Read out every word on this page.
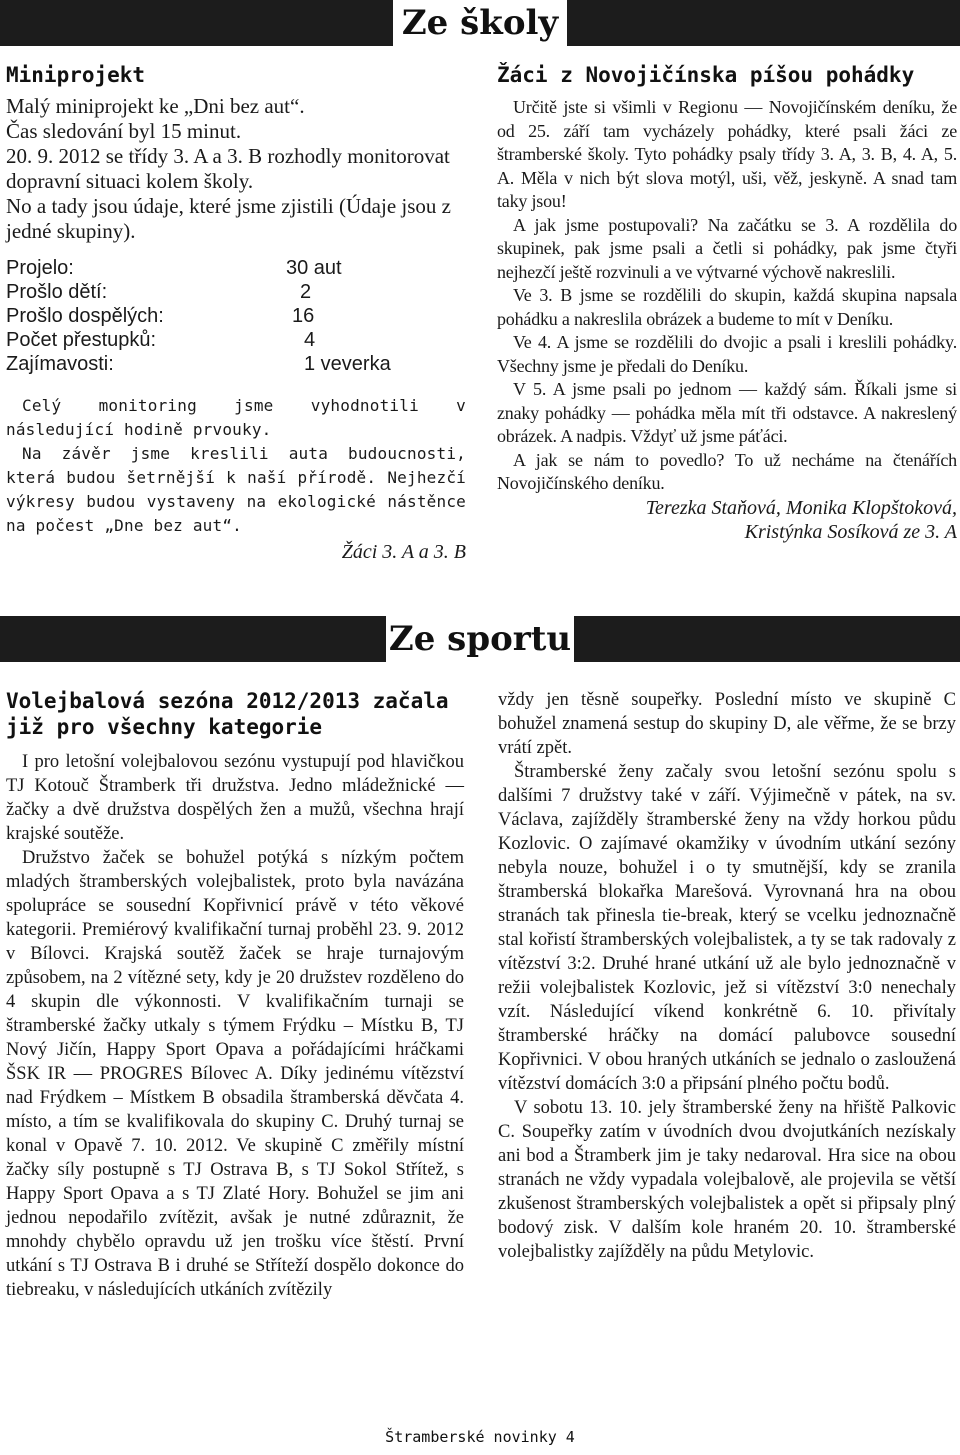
Ze školy
Miniprojekt

Malý miniprojekt ke „Dni bez aut“.

Čas sledování byl 15 minut.

20. 9. 2012 se třídy 3. A a 3. B rozhodly monitorovat dopravní situaci kolem školy.

No a tady jsou údaje, které jsme zjistili (Údaje jsou z jedné skupiny).

Projelo:	30 aut
Prošlo dětí:	2
Prošlo dospělých:	16
Počet přestupků:	4
Zajímavosti:	1 veverka

Celý monitoring jsme vyhodnotili v následující hodině prvouky.

Na závěr jsme kreslili auta budoucnosti, která budou šetrnější k naší přírodě. Nejhezčí výkresy budou vystaveny na ekologické nástěnce na počest „Dne bez aut“.

Žáci 3. A a 3. B
Žáci z Novojičínska píšou pohádky

Určitě jste si všimli v Regionu — Novojičínském deníku, že od 25. září tam vycházely pohádky, které psali žáci ze štramberské školy. Tyto pohádky psaly třídy 3. A, 3. B, 4. A, 5. A. Měla v nich být slova motýl, uši, věž, jeskyně. A snad tam taky jsou!

A jak jsme postupovali? Na začátku se 3. A rozdělila do skupinek, pak jsme psali a četli si pohádky, pak jsme čtyři nejhezčí ještě rozvinuli a ve výtvarné výchově nakreslili.

Ve 3. B jsme se rozdělili do skupin, každá skupina napsala pohádku a nakreslila obrázek a budeme to mít v Deníku.

Ve 4. A jsme se rozdělili do dvojic a psali i kreslili pohádky. Všechny jsme je předali do Deníku.

V 5. A jsme psali po jednom — každý sám. Říkali jsme si znaky pohádky — pohádka měla mít tři odstavce. A nakreslený obrázek. A nadpis. Vždyť už jsme páťáci.

A jak se nám to povedlo? To už necháme na čtenářích Novojičínského deníku.

Terezka Staňová, Monika Klopštoková,
Kristýnka Sosíková ze 3. A
Ze sportu
Volejbalová sezóna 2012/2013 začala již pro všechny kategorie

I pro letošní volejbalovou sezónu vystupují pod hlavičkou TJ Kotouč Štramberk tři družstva. Jedno mládežnické — žačky a dvě družstva dospělých žen a mužů, všechna hrají krajské soutěže.

Družstvo žaček se bohužel potýká s nízkým počtem mladých štramberských volejbalistek, proto byla navázána spolupráce se sousední Kopřivnicí právě v této věkové kategorii. Premiérový kvalifikační turnaj proběhl 23. 9. 2012 v Bílovci. Krajská soutěž žaček se hraje turnajovým způsobem, na 2 vítězné sety, kdy je 20 družstev rozděleno do 4 skupin dle výkonnosti. V kvalifikačním turnaji se štramberské žačky utkaly s týmem Frýdku – Místku B, TJ Nový Jičín, Happy Sport Opava a pořádajícími hráčkami ŠSK IR — PROGRES Bílovec A. Díky jedinému vítězství nad Frýdkem – Místkem B obsadila štramberská děvčata 4. místo, a tím se kvalifikovala do skupiny C. Druhý turnaj se konal v Opavě 7. 10. 2012. Ve skupině C změřily místní žačky síly postupně s TJ Ostrava B, s TJ Sokol Střítež, s Happy Sport Opava a s TJ Zlaté Hory. Bohužel se jim ani jednou nepodařilo zvítězit, avšak je nutné zdůraznit, že mnohdy chybělo opravdu už jen trošku více štěstí. První utkání s TJ Ostrava B i druhé se Stříteží dospělo dokonce do tiebreaku, v následujících utkáních zvítězily

vždy jen těsně soupeřky. Poslední místo ve skupině C bohužel znamená sestup do skupiny D, ale věřme, že se brzy vrátí zpět.

Štramberské ženy začaly svou letošní sezónu spolu s dalšími 7 družstvy také v září. Výjimečně v pátek, na sv. Václava, zajížděly štramberské ženy na vždy horkou půdu Kozlovic. O zajímavé okamžiky v úvodním utkání sezóny nebyla nouze, bohužel i o ty smutnější, kdy se zranila štramberská blokařka Marešová. Vyrovnaná hra na obou stranách tak přinesla tie-break, který se vcelku jednoznačně stal kořistí štramberských volejbalistek, a ty se tak radovaly z vítězství 3:2. Druhé hrané utkání už ale bylo jednoznačně v režii volejbalistek Kozlovic, jež si vítězství 3:0 nenechaly vzít. Následující víkend konkrétně 6. 10. přivítaly štramberské hráčky na domácí palubovce sousední Kopřivnici. V obou hraných utkáních se jednalo o zasloužená vítězství domácích 3:0 a připsání plného počtu bodů.

V sobotu 13. 10. jely štramberské ženy na hřiště Palkovic C. Soupeřky zatím v úvodních dvou dvojutkáních nezískaly ani bod a Štramberk jim je taky nedaroval. Hra sice na obou stranách ne vždy vypadala volejbalově, ale projevila se větší zkušenost štramberských volejbalistek a opět si připsaly plný bodový zisk. V dalším kole hraném 20. 10. štramberské volejbalistky zajížděly na půdu Metylovic.

Štramberské novinky 4
